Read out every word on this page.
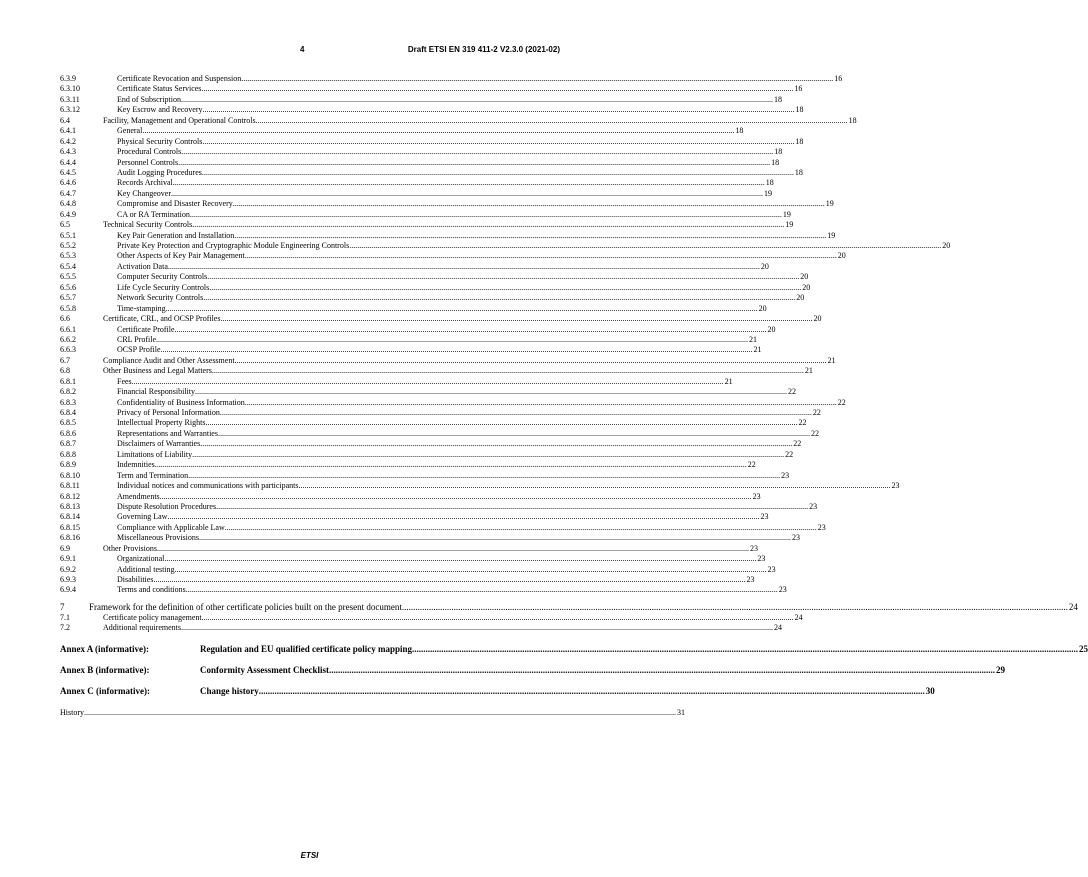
4	Draft ETSI EN 319 411-2 V2.3.0 (2021-02)
6.3.9	Certificate Revocation and Suspension .....	16
6.3.10	Certificate Status Services .....	16
6.3.11	End of Subscription .....	18
6.3.12	Key Escrow and Recovery .....	18
6.4	Facility, Management and Operational Controls .....	18
6.4.1	General .....	18
6.4.2	Physical Security Controls .....	18
6.4.3	Procedural Controls .....	18
6.4.4	Personnel Controls .....	18
6.4.5	Audit Logging Procedures .....	18
6.4.6	Records Archival .....	18
6.4.7	Key Changeover .....	19
6.4.8	Compromise and Disaster Recovery .....	19
6.4.9	CA or RA Termination .....	19
6.5	Technical Security Controls .....	19
6.5.1	Key Pair Generation and Installation .....	19
6.5.2	Private Key Protection and Cryptographic Module Engineering Controls .....	20
6.5.3	Other Aspects of Key Pair Management .....	20
6.5.4	Activation Data .....	20
6.5.5	Computer Security Controls .....	20
6.5.6	Life Cycle Security Controls .....	20
6.5.7	Network Security Controls .....	20
6.5.8	Time-stamping .....	20
6.6	Certificate, CRL, and OCSP Profiles .....	20
6.6.1	Certificate Profile .....	20
6.6.2	CRL Profile .....	21
6.6.3	OCSP Profile .....	21
6.7	Compliance Audit and Other Assessment .....	21
6.8	Other Business and Legal Matters .....	21
6.8.1	Fees .....	21
6.8.2	Financial Responsibility .....	22
6.8.3	Confidentiality of Business Information .....	22
6.8.4	Privacy of Personal Information .....	22
6.8.5	Intellectual Property Rights .....	22
6.8.6	Representations and Warranties .....	22
6.8.7	Disclaimers of Warranties .....	22
6.8.8	Limitations of Liability .....	22
6.8.9	Indemnities .....	22
6.8.10	Term and Termination .....	23
6.8.11	Individual notices and communications with participants .....	23
6.8.12	Amendments .....	23
6.8.13	Dispute Resolution Procedures .....	23
6.8.14	Governing Law .....	23
6.8.15	Compliance with Applicable Law .....	23
6.8.16	Miscellaneous Provisions .....	23
6.9	Other Provisions .....	23
6.9.1	Organizational .....	23
6.9.2	Additional testing .....	23
6.9.3	Disabilities .....	23
6.9.4	Terms and conditions .....	23
7	Framework for the definition of other certificate policies built on the present document .....	24
7.1	Certificate policy management .....	24
7.2	Additional requirements .....	24
Annex A (informative):	Regulation and EU qualified certificate policy mapping .....	25
Annex B (informative):	Conformity Assessment Checklist .....	29
Annex C (informative):	Change history .....	30
History .....	31
ETSI
